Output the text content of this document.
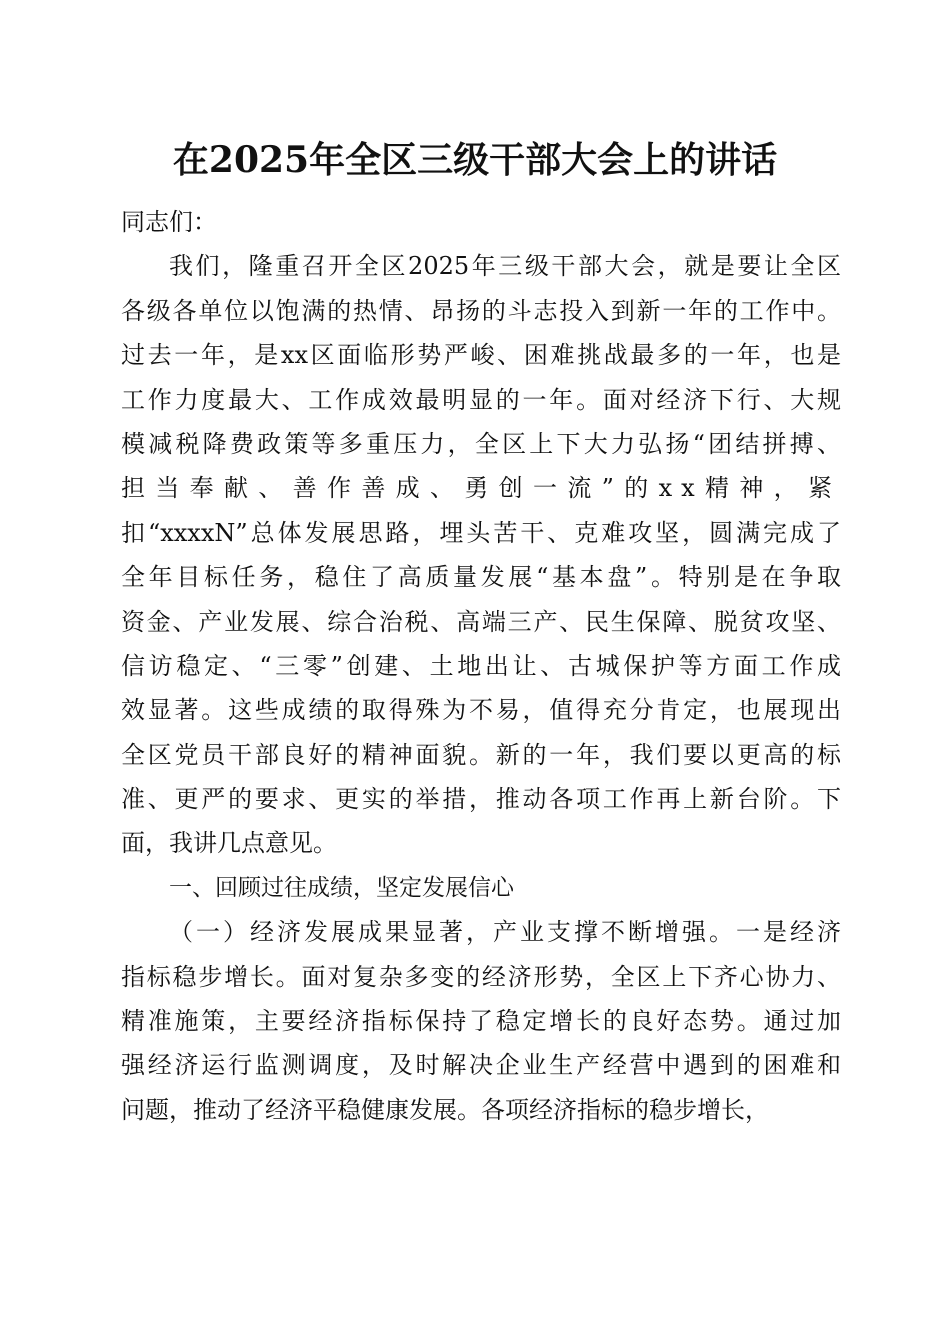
在2025年全区三级干部大会上的讲话
同志们：
我们，隆重召开全区2025年三级干部大会，就是要让全区
各级各单位以饱满的热情、昂扬的斗志投入到新一年的工作中。
过去一年，是xx区面临形势严峻、困难挑战最多的一年，也是
工作力度最大、工作成效最明显的一年。面对经济下行、大规
模减税降费政策等多重压力，全区上下大力弘扬“团结拼搏、
担当奉献、善作善成、勇创一流”的xx精神，紧
扣“xxxxN”总体发展思路，埋头苦干、克难攻坚，圆满完成了
全年目标任务，稳住了高质量发展“基本盘”。特别是在争取
资金、产业发展、综合治税、高端三产、民生保障、脱贫攻坚、
信访稳定、“三零”创建、土地出让、古城保护等方面工作成
效显著。这些成绩的取得殊为不易，值得充分肯定，也展现出
全区党员干部良好的精神面貌。新的一年，我们要以更高的标
准、更严的要求、更实的举措，推动各项工作再上新台阶。下
面，我讲几点意见。
一、回顾过往成绩，坚定发展信心
（一）经济发展成果显著，产业支撑不断增强。一是经济
指标稳步增长。面对复杂多变的经济形势，全区上下齐心协力、
精准施策，主要经济指标保持了稳定增长的良好态势。通过加
强经济运行监测调度，及时解决企业生产经营中遇到的困难和
问题，推动了经济平稳健康发展。各项经济指标的稳步增长，
